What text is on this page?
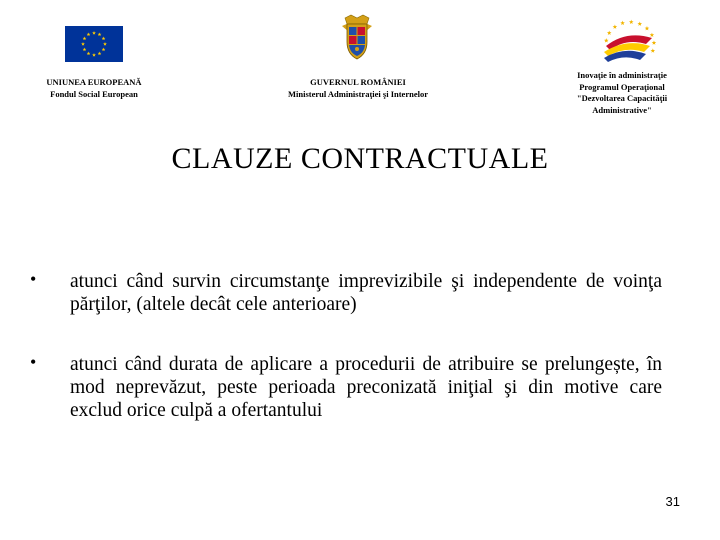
UNIUNEA EUROPEANĂ
Fondul Social European
GUVERNUL ROMÂNIEI
Ministerul Administraţiei şi Internelor
Inovaţie în administraţie
Programul Operaţional
"Dezvoltarea Capacităţii
Administrative"
CLAUZE CONTRACTUALE
• atunci când survin circumstanţe imprevizibile şi independente de voinţa părţilor, (altele decât cele anterioare)
• atunci când durata de aplicare a procedurii de atribuire se prelungește, în mod neprevăzut, peste perioada preconizată iniţial şi din motive care exclud orice culpă a ofertantului
31
